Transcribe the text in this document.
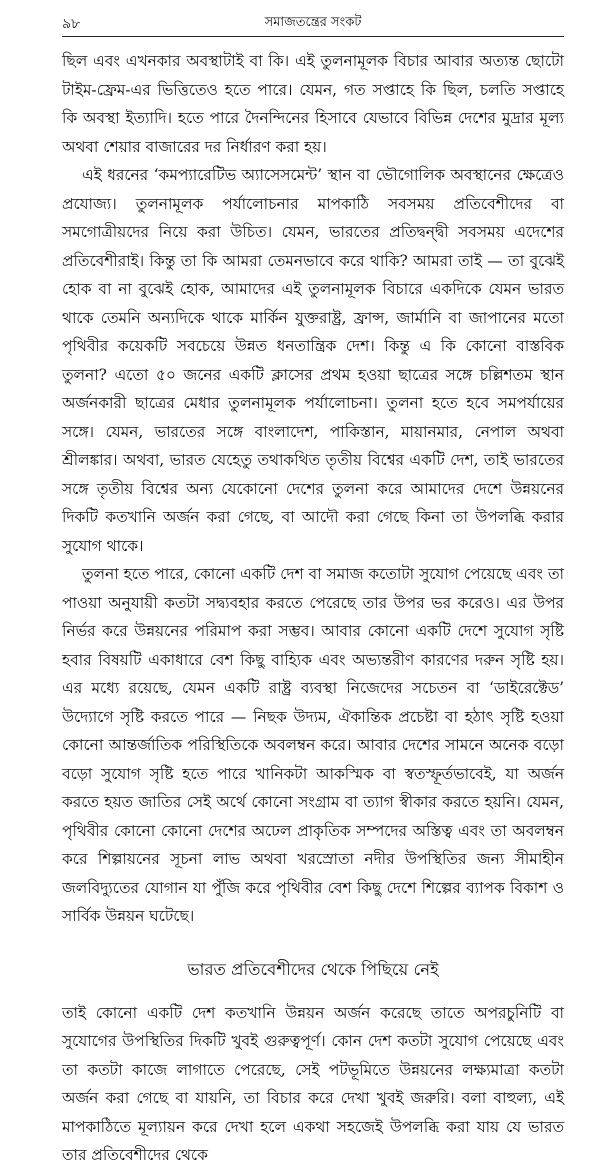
৯৮	সমাজতন্ত্রের সংকট

ছিল এবং এখনকার অবস্থাটাই বা কি। এই তুলনামূলক বিচার আবার অত্যন্ত ছোটো টাইম-ফ্রেম-এর ভিত্তিতেও হতে পারে। যেমন, গত সপ্তাহে কি ছিল, চলতি সপ্তাহে কি অবস্থা ইত্যাদি। হতে পারে দৈনন্দিনের হিসাবে যেভাবে বিভিন্ন দেশের মুদ্রার মূল্য অথবা শেয়ার বাজারের দর নির্ধারণ করা হয়।

এই ধরনের ‘কমপ্যারেটিভ অ্যাসেসমেন্ট’ স্থান বা ভৌগোলিক অবস্থানের ক্ষেত্রেও প্রযোজ্য। তুলনামূলক পর্যালোচনার মাপকাঠি সবসময় প্রতিবেশীদের বা সমগোত্রীয়দের নিয়ে করা উচিত। যেমন, ভারতের প্রতিদ্বন্দ্বী সবসময় এদেশের প্রতিবেশীরাই। কিন্তু তা কি আমরা তেমনভাবে করে থাকি? আমরা তাই — তা বুঝেই হোক বা না বুঝেই হোক, আমাদের এই তুলনামূলক বিচারে একদিকে যেমন ভারত থাকে তেমনি অন্যদিকে থাকে মার্কিন যুক্তরাষ্ট্র, ফ্রান্স, জার্মানি বা জাপানের মতো পৃথিবীর কয়েকটি সবচেয়ে উন্নত ধনতান্ত্রিক দেশ। কিন্তু এ কি কোনো বাস্তবিক তুলনা? এতো ৫০ জনের একটি ক্লাসের প্রথম হওয়া ছাত্রের সঙ্গে চল্লিশতম স্থান অর্জনকারী ছাত্রের মেধার তুলনামূলক পর্যালোচনা। তুলনা হতে হবে সমপর্যায়ের সঙ্গে। যেমন, ভারতের সঙ্গে বাংলাদেশ, পাকিস্তান, মায়ানমার, নেপাল অথবা শ্রীলঙ্কার। অথবা, ভারত যেহেতু তথাকথিত তৃতীয় বিশ্বের একটি দেশ, তাই ভারতের সঙ্গে তৃতীয় বিশ্বের অন্য যেকোনো দেশের তুলনা করে আমাদের দেশে উন্নয়নের দিকটি কতখানি অর্জন করা গেছে, বা আদৌ করা গেছে কিনা তা উপলব্ধি করার সুযোগ থাকে।

তুলনা হতে পারে, কোনো একটি দেশ বা সমাজ কতোটা সুযোগ পেয়েছে এবং তা পাওয়া অনুযায়ী কতটা সদ্ব্যবহার করতে পেরেছে তার উপর ভর করেও। এর উপর নির্ভর করে উন্নয়নের পরিমাপ করা সম্ভব। আবার কোনো একটি দেশে সুযোগ সৃষ্টি হবার বিষয়টি একাধারে বেশ কিছু বাহ্যিক এবং অভ্যন্তরীণ কারণের দরুন সৃষ্টি হয়। এর মধ্যে রয়েছে, যেমন একটি রাষ্ট্র ব্যবস্থা নিজেদের সচেতন বা ‘ডাইরেক্টেড’ উদ্যোগে সৃষ্টি করতে পারে — নিছক উদ্যম, ঐকান্তিক প্রচেষ্টা বা হঠাৎ সৃষ্টি হওয়া কোনো আন্তর্জাতিক পরিস্থিতিকে অবলম্বন করে। আবার দেশের সামনে অনেক বড়ো বড়ো সুযোগ সৃষ্টি হতে পারে খানিকটা আকস্মিক বা স্বতস্ফূর্তভাবেই, যা অর্জন করতে হয়ত জাতির সেই অর্থে কোনো সংগ্রাম বা ত্যাগ স্বীকার করতে হয়নি। যেমন, পৃথিবীর কোনো কোনো দেশের অঢেল প্রাকৃতিক সম্পদের অস্তিত্ব এবং তা অবলম্বন করে শিল্পায়নের সূচনা লাভ অথবা খরস্রোতা নদীর উপস্থিতির জন্য সীমাহীন জলবিদ্যুতের যোগান যা পুঁজি করে পৃথিবীর বেশ কিছু দেশে শিল্পের ব্যাপক বিকাশ ও সার্বিক উন্নয়ন ঘটেছে।

ভারত প্রতিবেশীদের থেকে পিছিয়ে নেই

তাই কোনো একটি দেশ কতখানি উন্নয়ন অর্জন করেছে তাতে অপরচুনিটি বা সুযোগের উপস্থিতির দিকটি খুবই গুরুত্বপূর্ণ। কোন দেশ কতটা সুযোগ পেয়েছে এবং তা কতটা কাজে লাগাতে পেরেছে, সেই পটভূমিতে উন্নয়নের লক্ষ্যমাত্রা কতটা অর্জন করা গেছে বা যায়নি, তা বিচার করে দেখা খুবই জরুরি। বলা বাহুল্য, এই মাপকাঠিতে মূল্যায়ন করে দেখা হলে একথা সহজেই উপলব্ধি করা যায় যে ভারত তার প্রতিবেশীদের থেকে
